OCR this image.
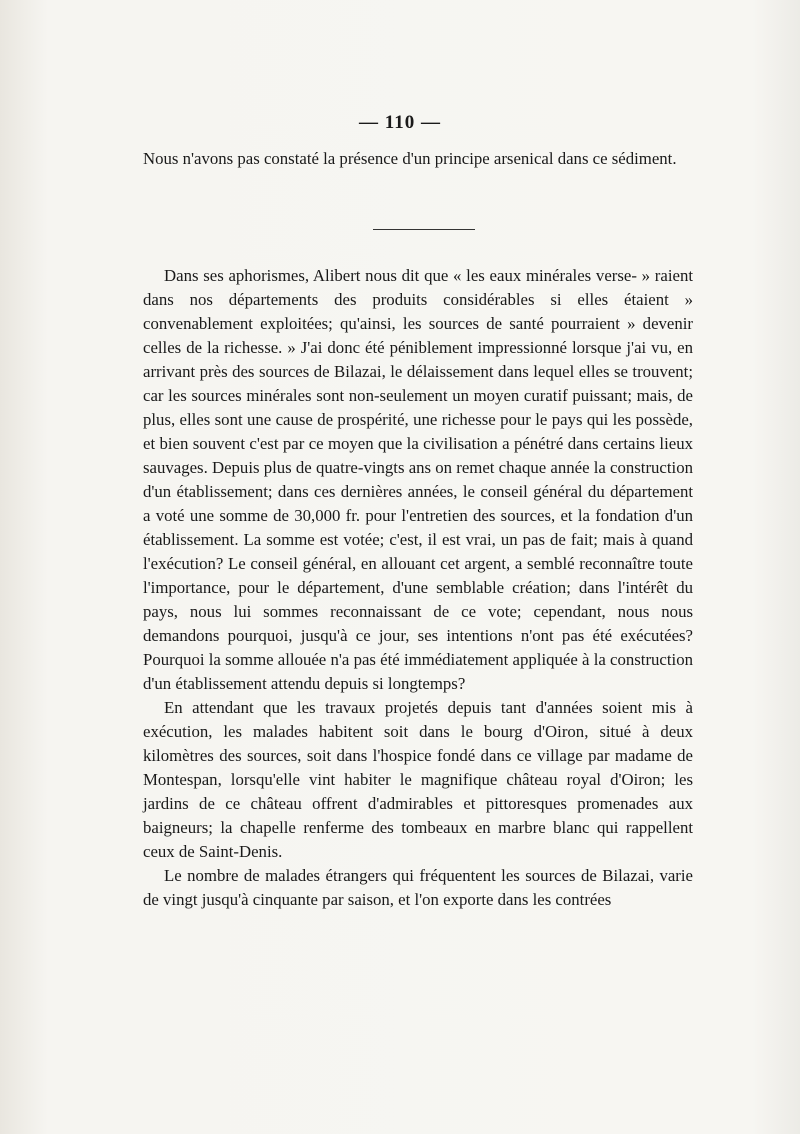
— 110 —

Nous n'avons pas constaté la présence d'un principe arsenical dans ce sédiment.

Dans ses aphorismes, Alibert nous dit que « les eaux minérales verse- » raient dans nos départements des produits considérables si elles étaient » convenablement exploitées; qu'ainsi, les sources de santé pourraient » devenir celles de la richesse. » J'ai donc été péniblement impressionné lorsque j'ai vu, en arrivant près des sources de Bilazai, le délaissement dans lequel elles se trouvent; car les sources minérales sont non-seulement un moyen curatif puissant; mais, de plus, elles sont une cause de prospérité, une richesse pour le pays qui les possède, et bien souvent c'est par ce moyen que la civilisation a pénétré dans certains lieux sauvages. Depuis plus de quatre-vingts ans on remet chaque année la construction d'un établissement; dans ces dernières années, le conseil général du département a voté une somme de 30,000 fr. pour l'entretien des sources, et la fondation d'un établissement. La somme est votée; c'est, il est vrai, un pas de fait; mais à quand l'exécution? Le conseil général, en allouant cet argent, a semblé reconnaître toute l'importance, pour le département, d'une semblable création; dans l'intérêt du pays, nous lui sommes reconnaissant de ce vote; cependant, nous nous demandons pourquoi, jusqu'à ce jour, ses intentions n'ont pas été exécutées? Pourquoi la somme allouée n'a pas été immédiatement appliquée à la construction d'un établissement attendu depuis si longtemps?

En attendant que les travaux projetés depuis tant d'années soient mis à exécution, les malades habitent soit dans le bourg d'Oiron, situé à deux kilomètres des sources, soit dans l'hospice fondé dans ce village par madame de Montespan, lorsqu'elle vint habiter le magnifique château royal d'Oiron; les jardins de ce château offrent d'admirables et pittoresques promenades aux baigneurs; la chapelle renferme des tombeaux en marbre blanc qui rappellent ceux de Saint-Denis.

Le nombre de malades étrangers qui fréquentent les sources de Bilazai, varie de vingt jusqu'à cinquante par saison, et l'on exporte dans les contrées
